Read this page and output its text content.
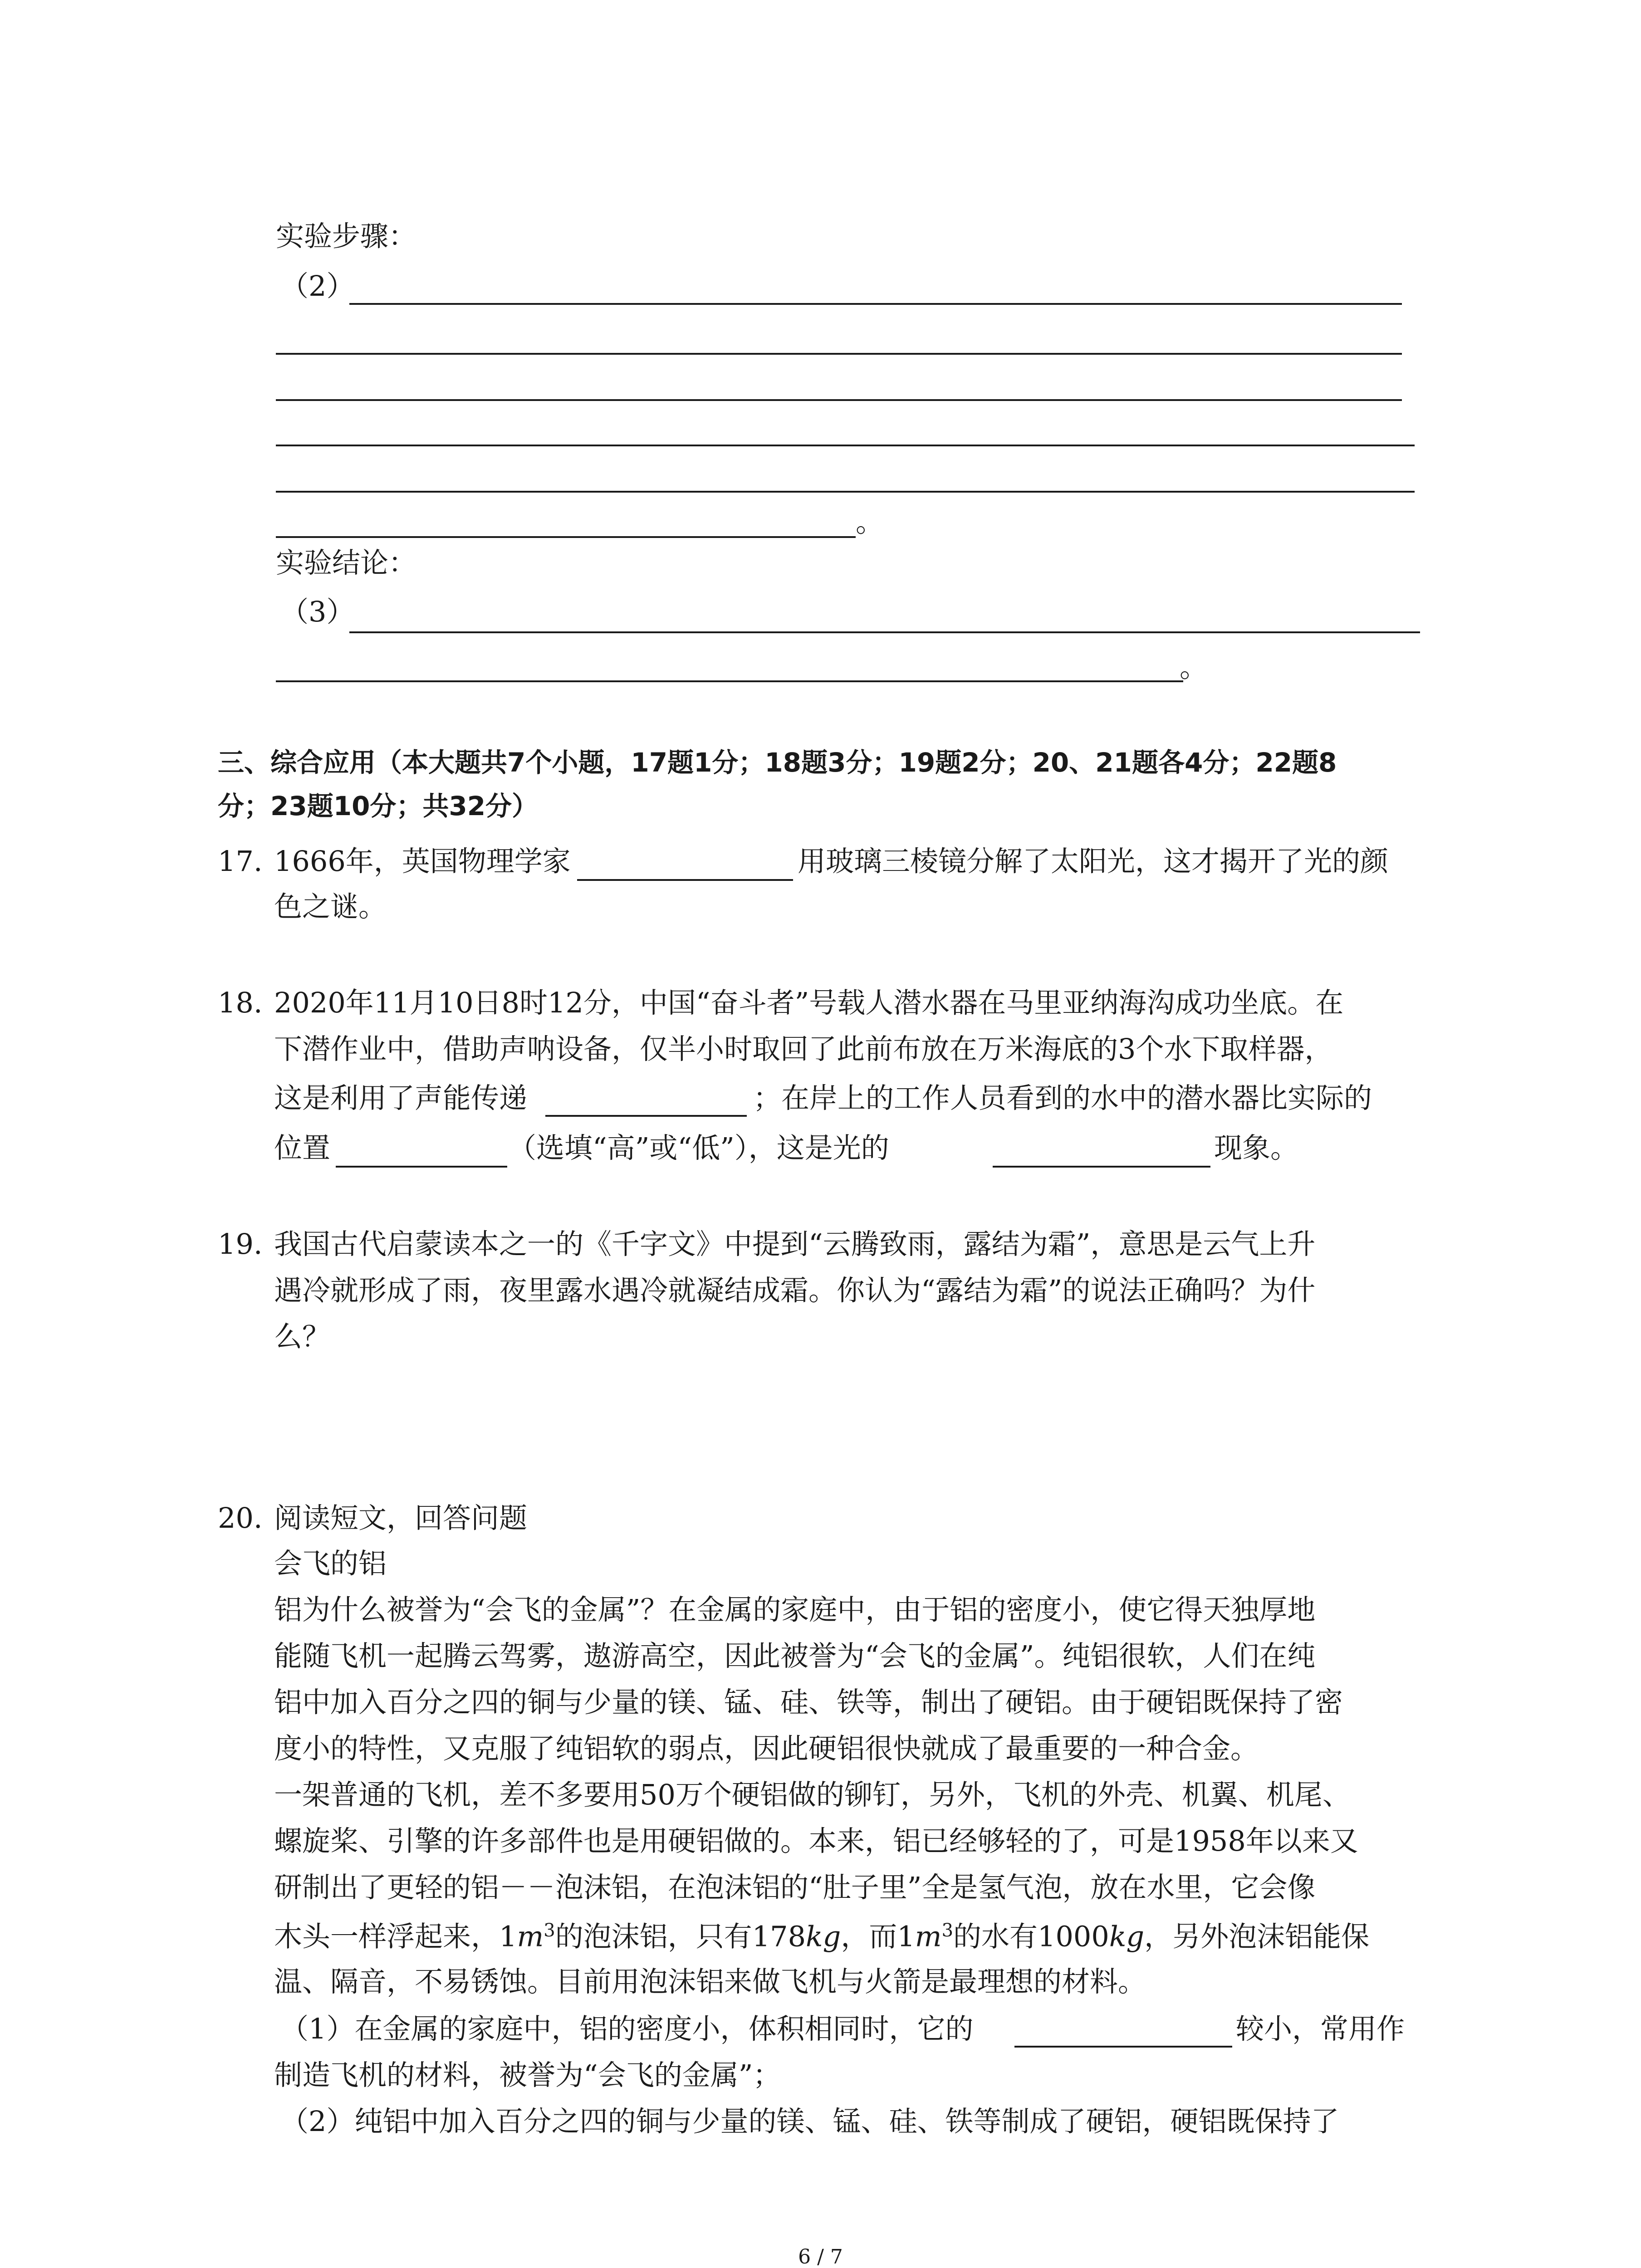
实验步骤：
（2）
。
实验结论：
（3）
。
三、综合应用（本大题共7个小题，17题1分；18题3分；19题2分；20、21题各4分；22题8
分；23题10分；共32分）
17. 1666年，英国物理学家	用玻璃三棱镜分解了太阳光，这才揭开了光的颜
色之谜。
18. 2020年11月10日8时12分，中国“奋斗者”号载人潜水器在马里亚纳海沟成功坐底。在
下潜作业中，借助声呐设备，仅半小时取回了此前布放在万米海底的3个水下取样器，
这是利用了声能传递	；在岸上的工作人员看到的水中的潜水器比实际的
位置	（选填“高”或“低”），这是光的	现象。
19. 我国古代启蒙读本之一的《千字文》中提到“云腾致雨，露结为霜”，意思是云气上升
遇冷就形成了雨，夜里露水遇冷就凝结成霜。你认为“露结为霜”的说法正确吗？为什
么？
20. 阅读短文，回答问题
会飞的铝
铝为什么被誉为“会飞的金属”？在金属的家庭中，由于铝的密度小，使它得天独厚地
能随飞机一起腾云驾雾，遨游高空，因此被誉为“会飞的金属”。纯铝很软，人们在纯
铝中加入百分之四的铜与少量的镁、锰、硅、铁等，制出了硬铝。由于硬铝既保持了密
度小的特性，又克服了纯铝软的弱点，因此硬铝很快就成了最重要的一种合金。
一架普通的飞机，差不多要用50万个硬铝做的铆钉，另外，飞机的外壳、机翼、机尾、
螺旋桨、引擎的许多部件也是用硬铝做的。本来，铝已经够轻的了，可是1958年以来又
研制出了更轻的铝－－泡沫铝，在泡沫铝的“肚子里”全是氢气泡，放在水里，它会像
木头一样浮起来，$1m^3$的泡沫铝，只有178kg，而$1m^3$的水有1000kg，另外泡沫铝能保
温、隔音，不易锈蚀。目前用泡沫铝来做飞机与火箭是最理想的材料。
（1）在金属的家庭中，铝的密度小，体积相同时，它的	较小，常用作
制造飞机的材料，被誉为“会飞的金属”；
（2）纯铝中加入百分之四的铜与少量的镁、锰、硅、铁等制成了硬铝，硬铝既保持了
6 / 7
